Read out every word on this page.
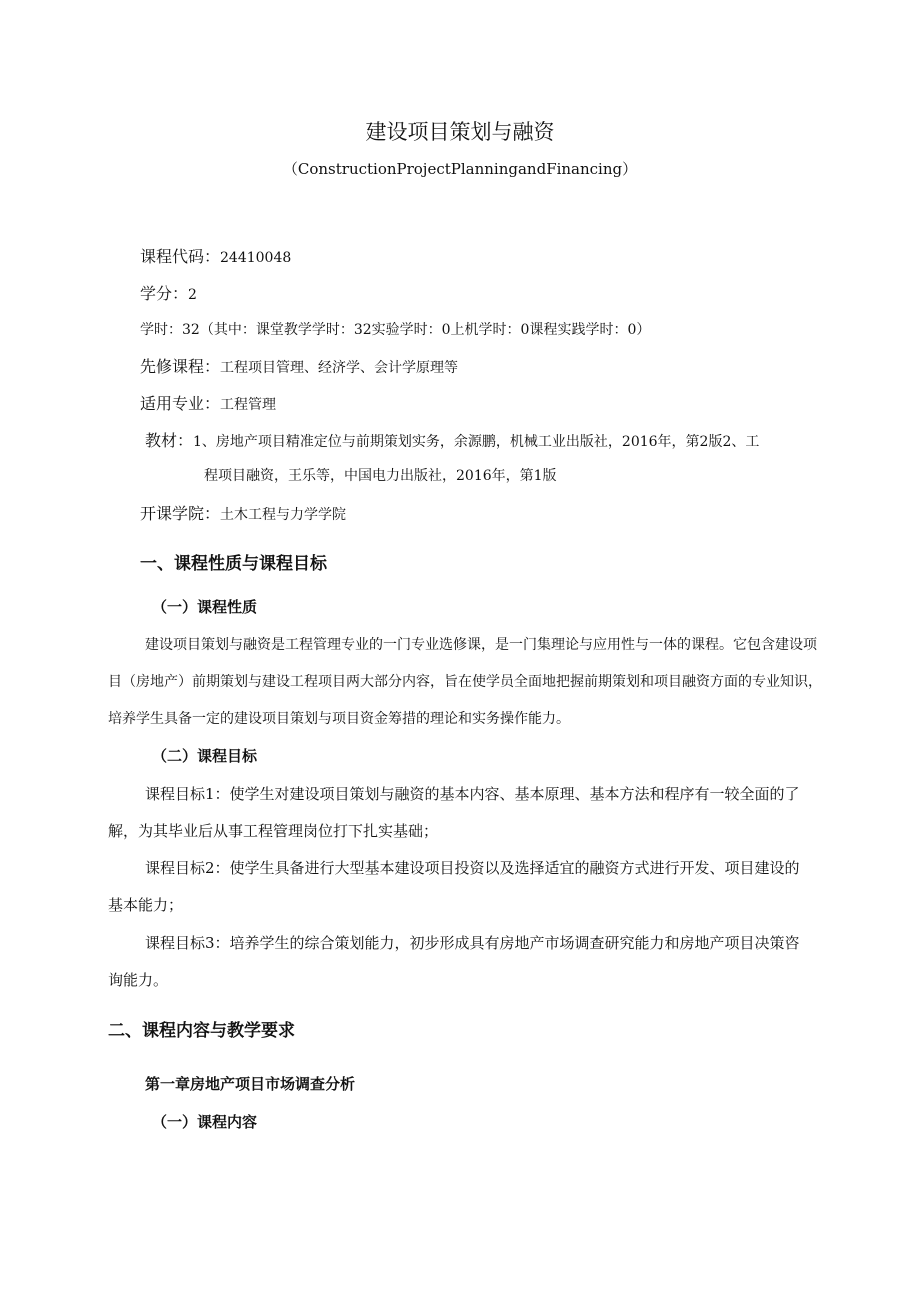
建设项目策划与融资
（ConstructionProjectPlanningandFinancing）
课程代码：24410048
学分：2
学时：32（其中：课堂教学学时：32实验学时：0上机学时：0课程实践学时：0）
先修课程：工程项目管理、经济学、会计学原理等
适用专业：工程管理
教材：1、房地产项目精准定位与前期策划实务，余源鹏，机械工业出版社，2016年，第2版2、工
程项目融资，王乐等，中国电力出版社，2016年，第1版
开课学院：土木工程与力学学院
一、课程性质与课程目标
（一）课程性质
建设项目策划与融资是工程管理专业的一门专业选修课，是一门集理论与应用性与一体的课程。它包含建设项
目（房地产）前期策划与建设工程项目两大部分内容，旨在使学员全面地把握前期策划和项目融资方面的专业知识，
培养学生具备一定的建设项目策划与项目资金筹措的理论和实务操作能力。
（二）课程目标
课程目标1：使学生对建设项目策划与融资的基本内容、基本原理、基本方法和程序有一较全面的了
解，为其毕业后从事工程管理岗位打下扎实基础；
课程目标2：使学生具备进行大型基本建设项目投资以及选择适宜的融资方式进行开发、项目建设的
基本能力；
课程目标3：培养学生的综合策划能力，初步形成具有房地产市场调查研究能力和房地产项目决策咨
询能力。
二、课程内容与教学要求
第一章房地产项目市场调查分析
（一）课程内容
